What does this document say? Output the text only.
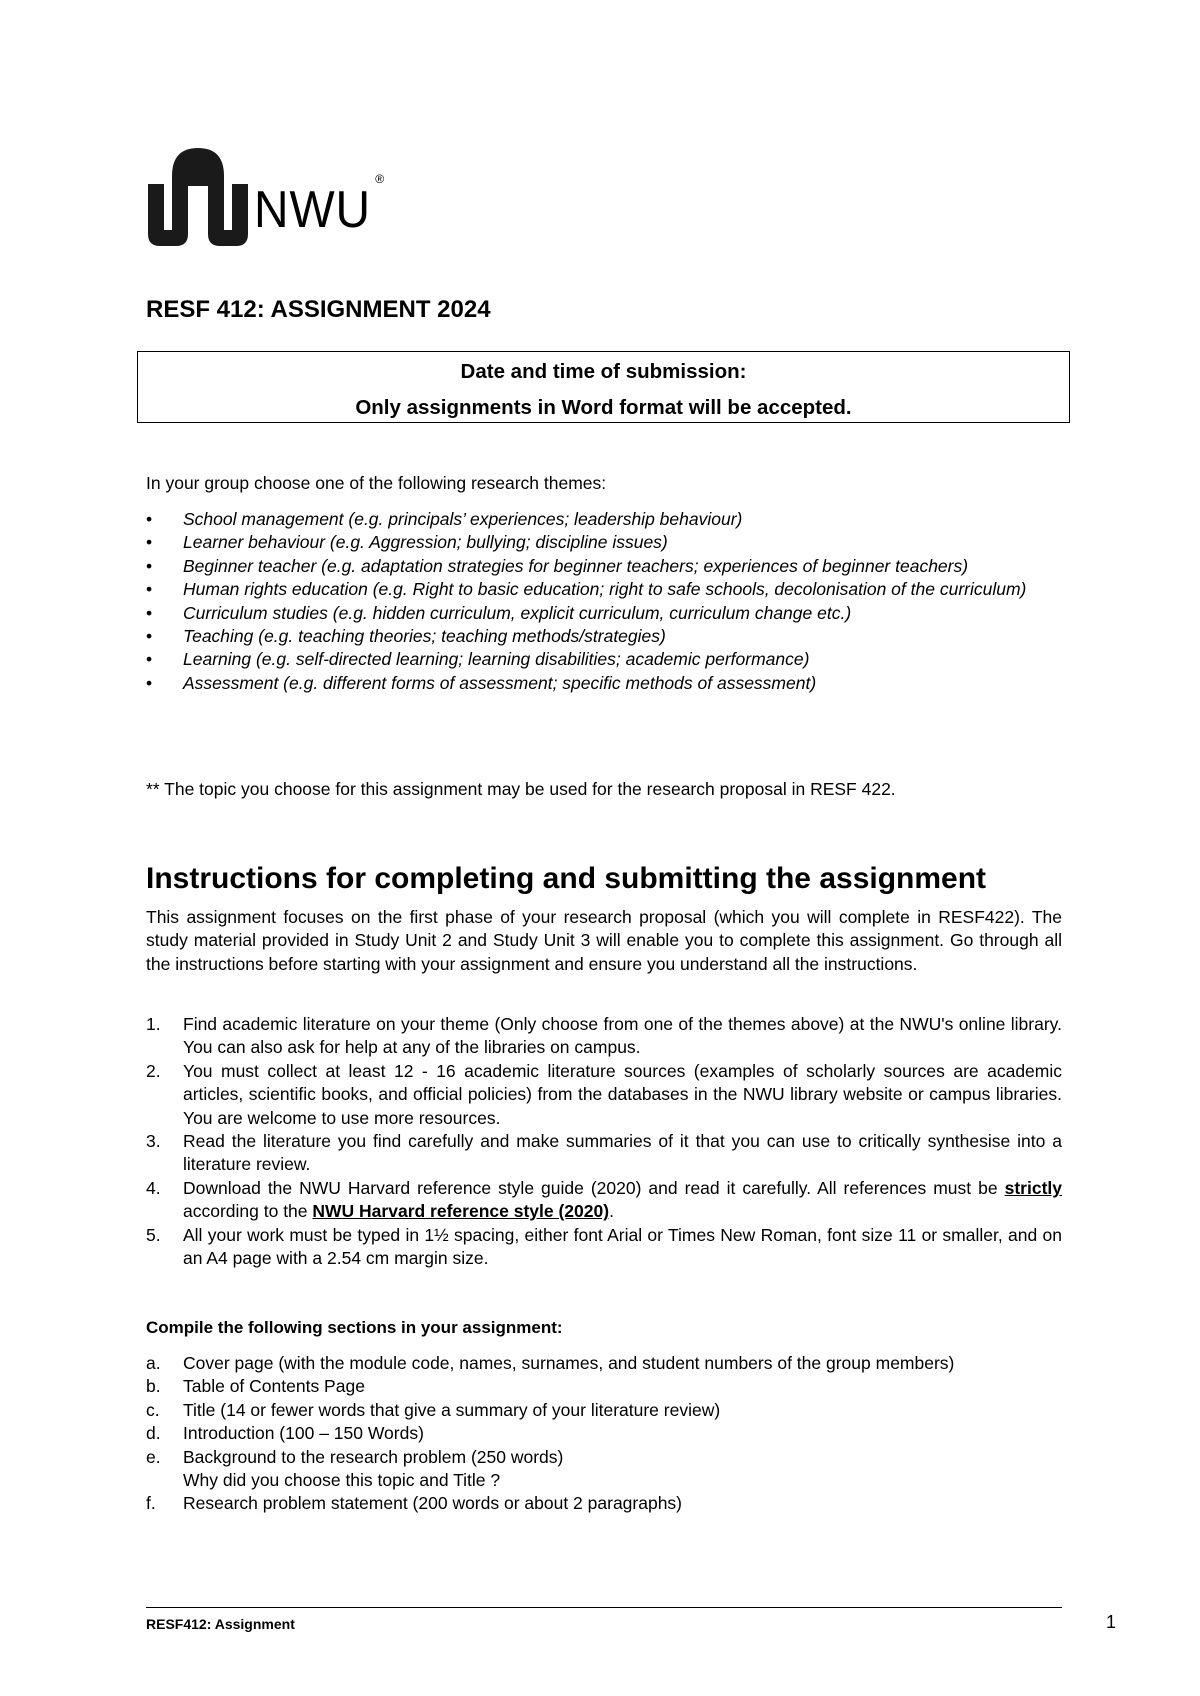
NWU
®
RESF 412: ASSIGNMENT 2024
Date and time of submission:
Only assignments in Word format will be accepted.
In your group choose one of the following research themes:
• School management (e.g. principals’ experiences; leadership behaviour)
• Learner behaviour (e.g. Aggression; bullying; discipline issues)
• Beginner teacher (e.g. adaptation strategies for beginner teachers; experiences of beginner teachers)
• Human rights education (e.g. Right to basic education; right to safe schools, decolonisation of the curriculum)
• Curriculum studies (e.g. hidden curriculum, explicit curriculum, curriculum change etc.)
• Teaching (e.g. teaching theories; teaching methods/strategies)
• Learning (e.g. self-directed learning; learning disabilities; academic performance)
• Assessment (e.g. different forms of assessment; specific methods of assessment)
** The topic you choose for this assignment may be used for the research proposal in RESF 422.
Instructions for completing and submitting the assignment
This assignment focuses on the first phase of your research proposal (which you will complete in RESF422). The study material provided in Study Unit 2 and Study Unit 3 will enable you to complete this assignment. Go through all the instructions before starting with your assignment and ensure you understand all the instructions.
1. Find academic literature on your theme (Only choose from one of the themes above) at the NWU's online library. You can also ask for help at any of the libraries on campus.
2. You must collect at least 12 - 16 academic literature sources (examples of scholarly sources are academic articles, scientific books, and official policies) from the databases in the NWU library website or campus libraries. You are welcome to use more resources.
3. Read the literature you find carefully and make summaries of it that you can use to critically synthesise into a literature review.
4. Download the NWU Harvard reference style guide (2020) and read it carefully. All references must be strictly according to the NWU Harvard reference style (2020).
5. All your work must be typed in 1½ spacing, either font Arial or Times New Roman, font size 11 or smaller, and on an A4 page with a 2.54 cm margin size.
Compile the following sections in your assignment:
a. Cover page (with the module code, names, surnames, and student numbers of the group members)
b. Table of Contents Page
c. Title (14 or fewer words that give a summary of your literature review)
d. Introduction (100 – 150 Words)
e. Background to the research problem (250 words)
Why did you choose this topic and Title ?
f. Research problem statement (200 words or about 2 paragraphs)
RESF412: Assignment	1
